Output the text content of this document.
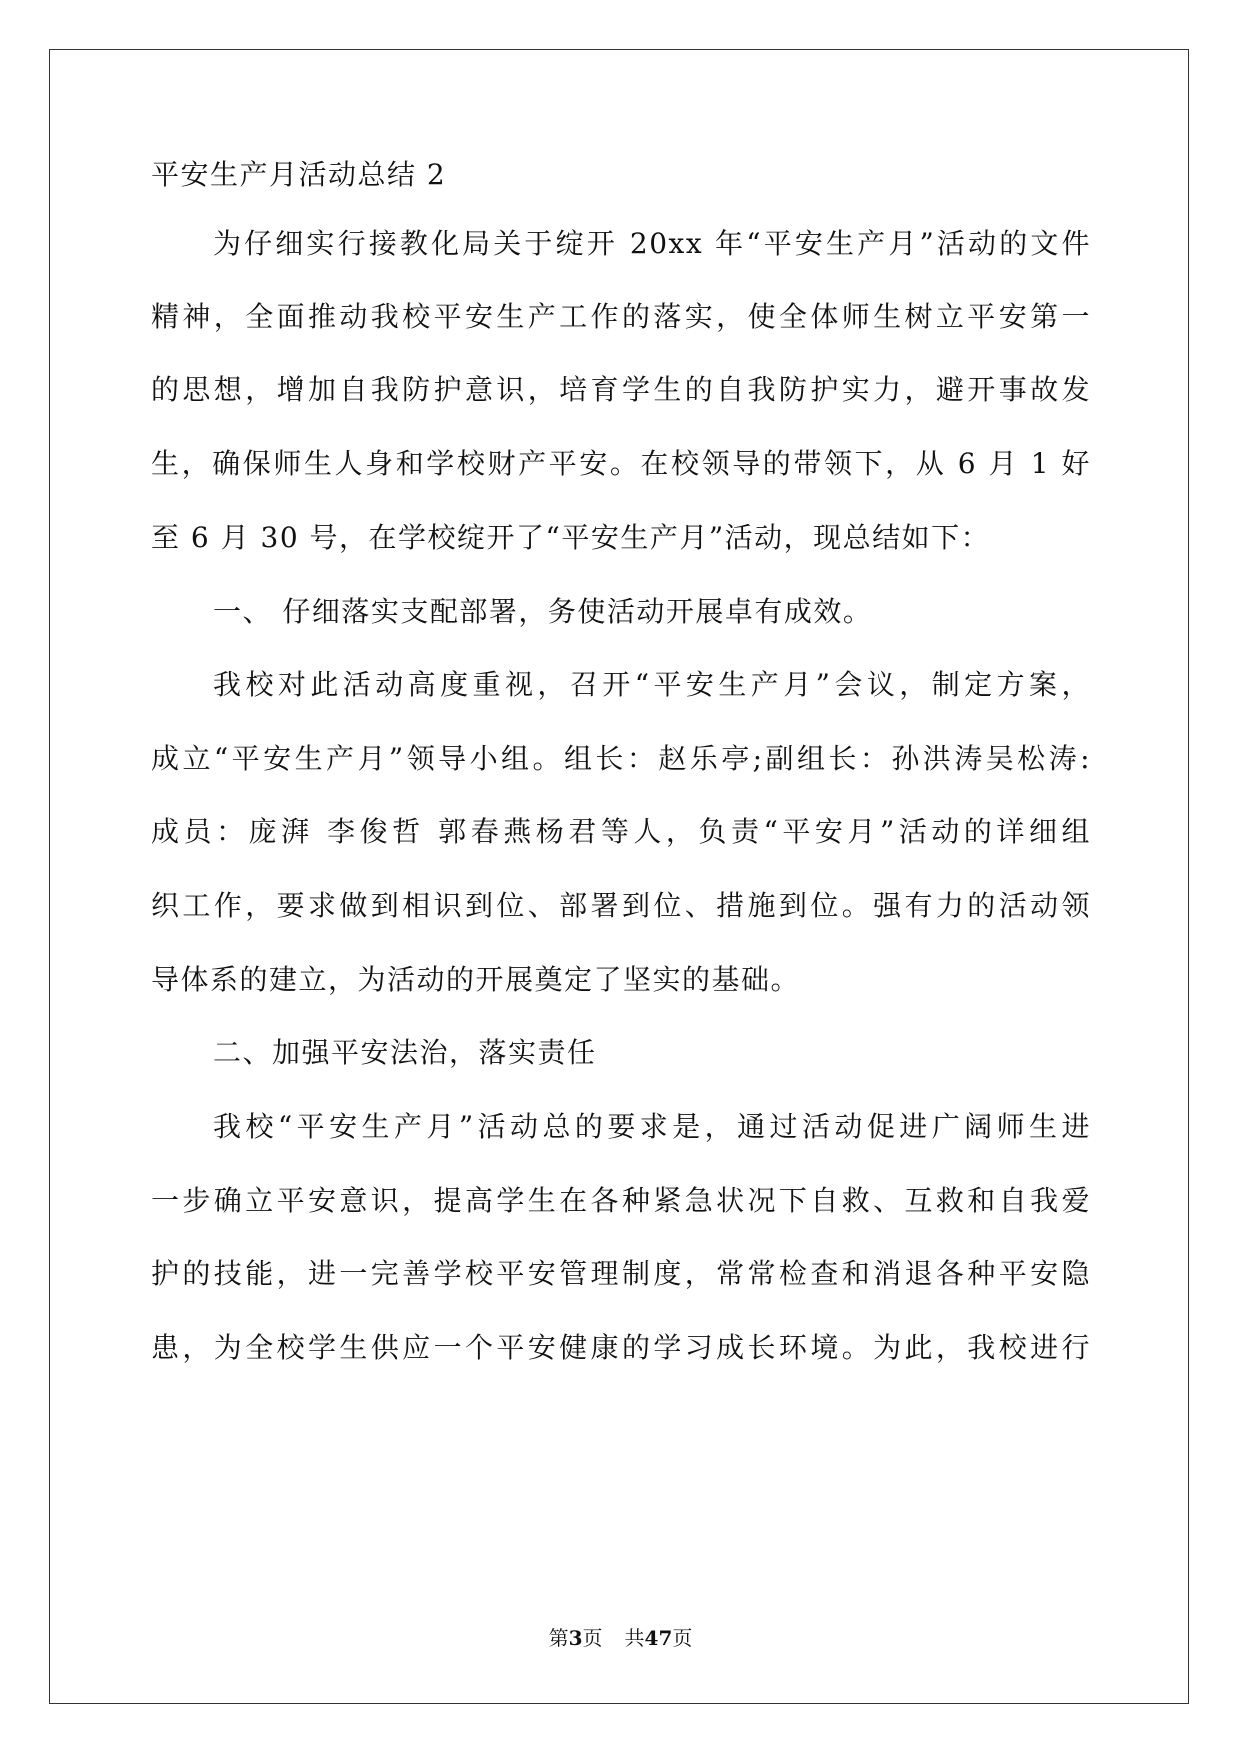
平安生产月活动总结 2
为仔细实行接教化局关于绽开 20xx 年“平安生产月”活动的文件
精神，全面推动我校平安生产工作的落实，使全体师生树立平安第一
的思想，增加自我防护意识，培育学生的自我防护实力，避开事故发
生，确保师生人身和学校财产平安。在校领导的带领下，从 6 月 1 好
至 6 月 30 号，在学校绽开了“平安生产月”活动，现总结如下：
一、 仔细落实支配部署，务使活动开展卓有成效。
我校对此活动高度重视，召开“平安生产月”会议，制定方案，
成立“平安生产月”领导小组。组长：赵乐亭;副组长：孙洪涛吴松涛:
成员：庞湃 李俊哲 郭春燕杨君等人，负责“平安月”活动的详细组
织工作，要求做到相识到位、部署到位、措施到位。强有力的活动领
导体系的建立，为活动的开展奠定了坚实的基础。
二、加强平安法治，落实责任
我校“平安生产月”活动总的要求是，通过活动促进广阔师生进
一步确立平安意识，提高学生在各种紧急状况下自救、互救和自我爱
护的技能，进一完善学校平安管理制度，常常检查和消退各种平安隐
患，为全校学生供应一个平安健康的学习成长环境。为此，我校进行
第3页 共47页
